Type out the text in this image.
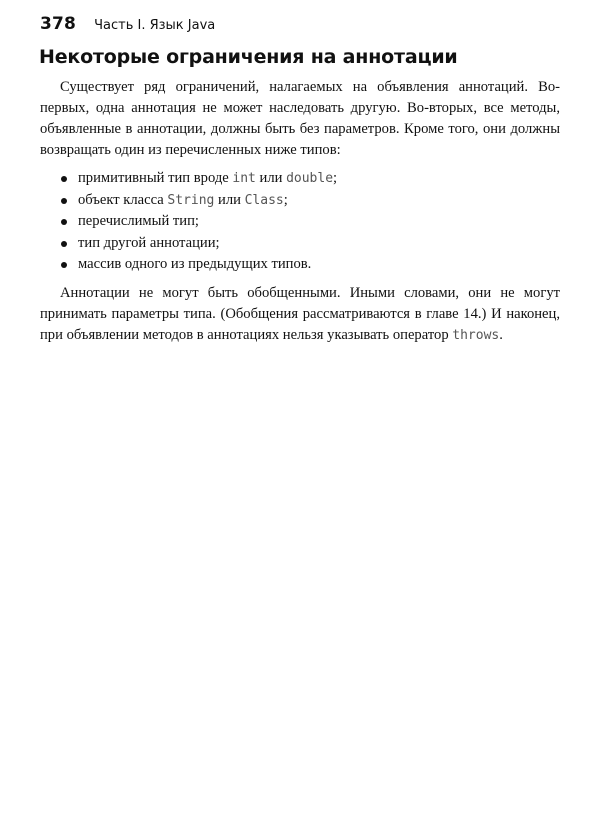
378 Часть I. Язык Java
Некоторые ограничения на аннотации

Существует ряд ограничений, налагаемых на объявления аннотаций. Во-первых, одна аннотация не может наследовать другую. Во-вторых, все методы, объявленные в аннотации, должны быть без параметров. Кроме того, они должны возвращать один из перечисленных ниже типов:

примитивный тип вроде int или double;
объект класса String или Class;
перечислимый тип;
тип другой аннотации;
массив одного из предыдущих типов.

Аннотации не могут быть обобщенными. Иными словами, они не могут принимать параметры типа. (Обобщения рассматриваются в главе 14.) И наконец, при объявлении методов в аннотациях нельзя указывать оператор throws.
